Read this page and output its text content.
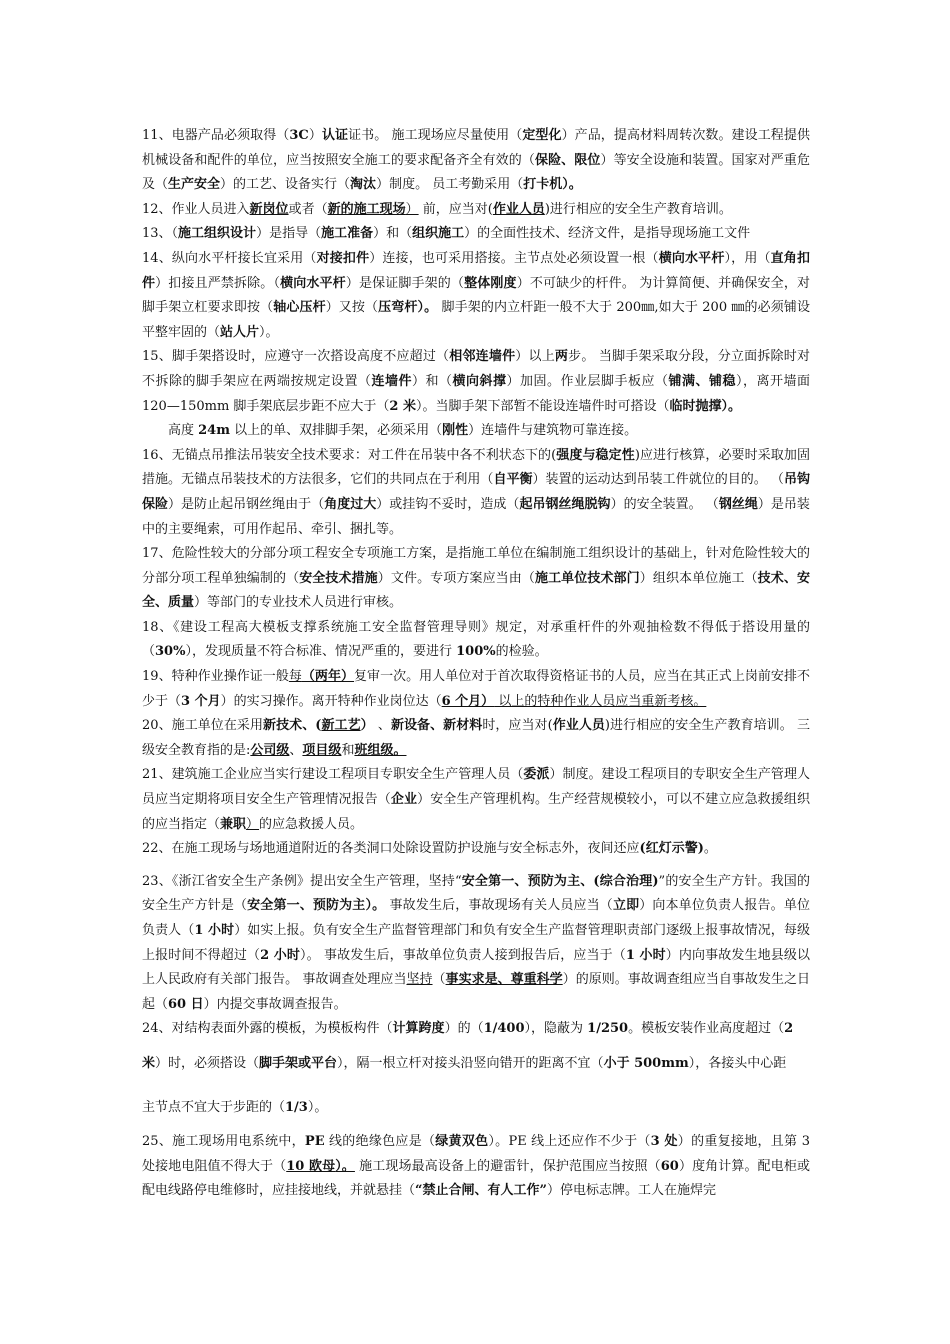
11、电器产品必须取得（3C）认证证书。 施工现场应尽量使用（定型化）产品，提高材料周转次数。建设工程提供机械设备和配件的单位，应当按照安全施工的要求配备齐全有效的（保险、限位）等安全设施和装置。国家对严重危及（生产安全）的工艺、设备实行（淘汰）制度。 员工考勤采用（打卡机）。

12、作业人员进入新岗位或者（新的施工现场） 前，应当对(作业人员)进行相应的安全生产教育培训。

13、（施工组织设计）是指导（施工准备）和（组织施工）的全面性技术、经济文件，是指导现场施工文件

14、纵向水平杆接长宜采用（对接扣件）连接，也可采用搭接。主节点处必须设置一根（横向水平杆），用（直角扣件）扣接且严禁拆除。（横向水平杆）是保证脚手架的（整体刚度）不可缺少的杆件。 为计算简便、并确保安全，对脚手架立杠要求即按（轴心压杆）又按（压弯杆）。 脚手架的内立杆距一般不大于 200㎜,如大于 200 ㎜的必须铺设平整牢固的（站人片）。

15、脚手架搭设时，应遵守一次搭设高度不应超过（相邻连墙件）以上两步。 当脚手架采取分段，分立面拆除时对不拆除的脚手架应在两端按规定设置（连墙件）和（横向斜撑）加固。作业层脚手板应（铺满、铺稳），离开墙面 120—150mm 脚手架底层步距不应大于（2 米）。当脚手架下部暂不能设连墙件时可搭设（临时抛撑）。

高度 24m 以上的单、双排脚手架，必须采用（刚性）连墙件与建筑物可靠连接。

16、无锚点吊推法吊装安全技术要求：对工件在吊装中各不利状态下的(强度与稳定性)应进行核算，必要时采取加固措施。无锚点吊装技术的方法很多，它们的共同点在于利用（自平衡）装置的运动达到吊装工件就位的目的。 （吊钩保险）是防止起吊钢丝绳由于（角度过大）或挂钩不妥时，造成（起吊钢丝绳脱钩）的安全装置。 （钢丝绳）是吊装中的主要绳索，可用作起吊、牵引、捆扎等。

17、危险性较大的分部分项工程安全专项施工方案，是指施工单位在编制施工组织设计的基础上，针对危险性较大的分部分项工程单独编制的（安全技术措施）文件。专项方案应当由（施工单位技术部门）组织本单位施工（技术、安全、质量）等部门的专业技术人员进行审核。

18、《建设工程高大模板支撑系统施工安全监督管理导则》规定，对承重杆件的外观抽检数不得低于搭设用量的（30%），发现质量不符合标准、情况严重的，要进行 100%的检验。

19、特种作业操作证一般每（两年）复审一次。用人单位对于首次取得资格证书的人员，应当在其正式上岗前安排不少于（3 个月）的实习操作。离开特种作业岗位达（6 个月） 以上的特种作业人员应当重新考核。

20、施工单位在采用新技术、(新工艺） 、新设备、新材料时，应当对(作业人员)进行相应的安全生产教育培训。 三级安全教育指的是:公司级、项目级和班组级。

21、建筑施工企业应当实行建设工程项目专职安全生产管理人员（委派）制度。建设工程项目的专职安全生产管理人员应当定期将项目安全生产管理情况报告（企业）安全生产管理机构。生产经营规模较小，可以不建立应急救援组织的应当指定（兼职）的应急救援人员。

22、在施工现场与场地通道附近的各类洞口处除设置防护设施与安全标志外，夜间还应(红灯示警)。

23、《浙江省安全生产条例》提出安全生产管理，坚持“安全第一、预防为主、(综合治理)”的安全生产方针。我国的安全生产方针是（安全第一、预防为主）。 事故发生后，事故现场有关人员应当（立即）向本单位负责人报告。单位负责人（1 小时）如实上报。负有安全生产监督管理部门和负有安全生产监督管理职责部门逐级上报事故情况，每级上报时间不得超过（2 小时）。 事故发生后，事故单位负责人接到报告后，应当于（1 小时）内向事故发生地县级以上人民政府有关部门报告。 事故调查处理应当坚持（事实求是、尊重科学）的原则。事故调查组应当自事故发生之日起（60 日）内提交事故调查报告。

24、对结构表面外露的模板，为模板构件（计算跨度）的（1/400），隐蔽为 1/250。模板安装作业高度超过（2

米）时，必须搭设（脚手架或平台），隔一根立杆对接头沿竖向错开的距离不宜（小于 500mm），各接头中心距

主节点不宜大于步距的（1/3）。

25、施工现场用电系统中，PE 线的绝缘色应是（绿黄双色）。PE 线上还应作不少于（3 处）的重复接地，且第 3 处接地电阻值不得大于（10 欧母）。 施工现场最高设备上的避雷针，保护范围应当按照（60）度角计算。配电柜或配电线路停电维修时，应挂接地线，并就悬挂（“禁止合闸、有人工作”）停电标志牌。工人在施焊完
